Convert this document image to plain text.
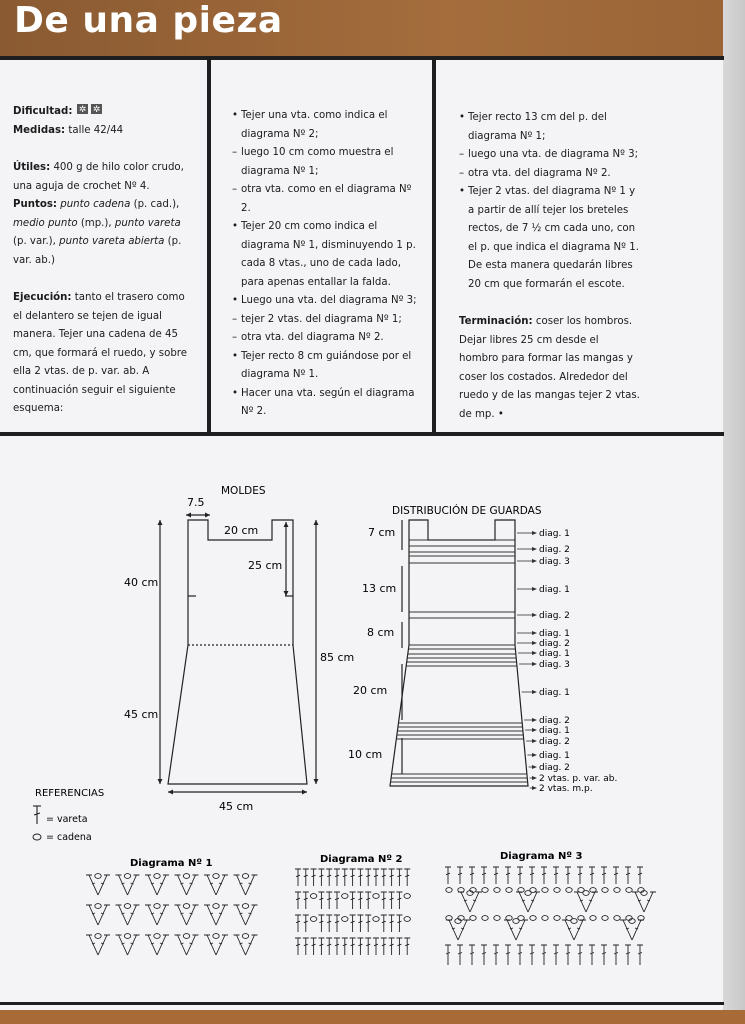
De una pieza

Dificultad: ✲ ✲

Medidas: talle 42/44

Útiles: 400 g de hilo color crudo, una aguja de crochet Nº 4.

Puntos: punto cadena (p. cad.), medio punto (mp.), punto vareta (p. var.), punto vareta abierta (p. var. ab.)

Ejecución: tanto el trasero como el delantero se tejen de igual manera. Tejer una cadena de 45 cm, que formará el ruedo, y sobre ella 2 vtas. de p. var. ab. A continuación seguir el siguiente esquema:

• Tejer una vta. como indica el diagrama Nº 2;

– luego 10 cm como muestra el diagrama Nº 1;

– otra vta. como en el diagrama Nº 2.

• Tejer 20 cm como indica el diagrama Nº 1, disminuyendo 1 p. cada 8 vtas., uno de cada lado, para apenas entallar la falda.

• Luego una vta. del diagrama Nº 3;

– tejer 2 vtas. del diagrama Nº 1;

– otra vta. del diagrama Nº 2.

• Tejer recto 8 cm guiándose por el diagrama Nº 1.

• Hacer una vta. según el diagrama Nº 2.

• Tejer recto 13 cm del p. del diagrama Nº 1;

– luego una vta. de diagrama Nº 3;

– otra vta. del diagrama Nº 2.

• Tejer 2 vtas. del diagrama Nº 1 y a partir de allí tejer los breteles rectos, de 7 ½ cm cada uno, con el p. que indica el diagrama Nº 1. De esta manera quedarán libres 20 cm que formarán el escote.

Terminación: coser los hombros. Dejar libres 25 cm desde el hombro para formar las mangas y coser los costados. Alrededor del ruedo y de las mangas tejer 2 vtas. de mp. •

diag. 1
diag. 2
diag. 3
diag. 1
diag. 2
diag. 1
diag. 2
diag. 1
diag. 3
diag. 1
diag. 2
diag. 1
diag. 2
diag. 1
diag. 2
2 vtas. p. var. ab.
2 vtas. m.p.
MOLDES
7.5
20 cm
25 cm
40 cm
85 cm
45 cm
45 cm
DISTRIBUCIÓN DE GUARDAS
7 cm
13 cm
8 cm
20 cm
10 cm
REFERENCIAS
= vareta
= cadena
Diagrama Nº 1	Diagrama Nº 2	Diagrama Nº 3
